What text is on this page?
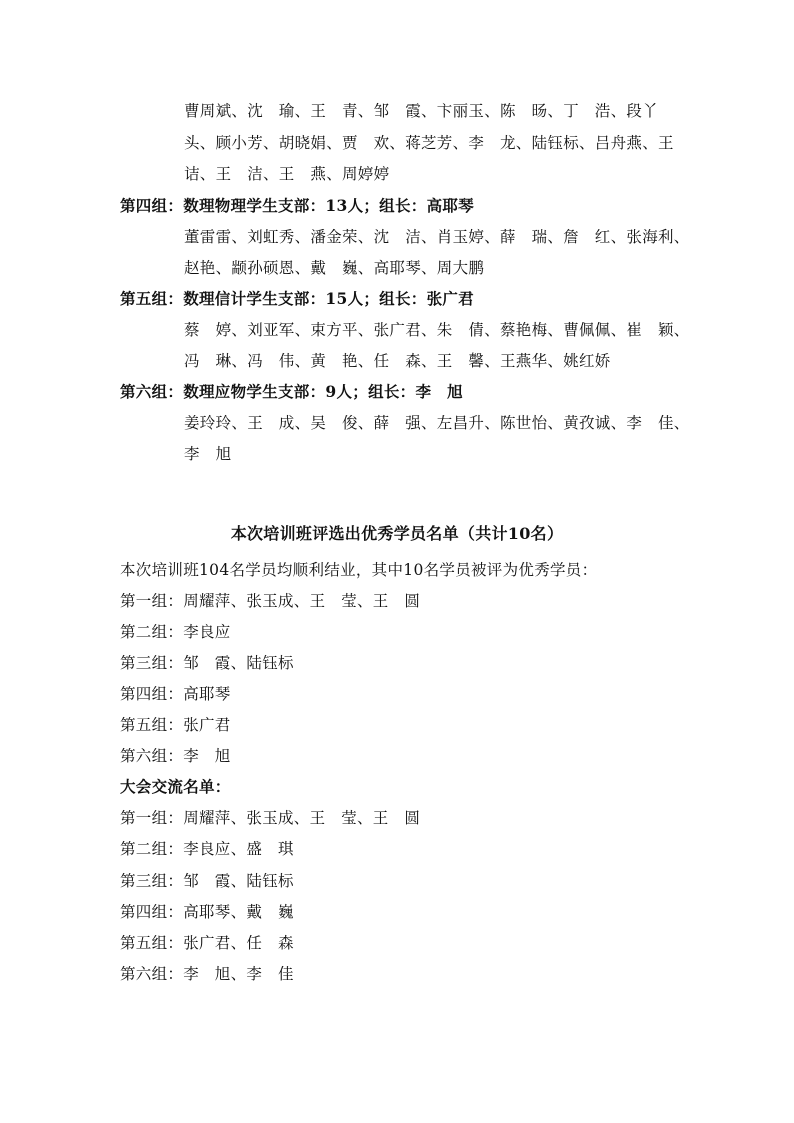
曹周斌、沈　瑜、王　青、邹　霞、卞丽玉、陈　旸、丁　浩、段丫
头、顾小芳、胡晓娟、贾　欢、蒋芝芳、李　龙、陆钰标、吕舟燕、王
诘、王　洁、王　燕、周婷婷
第四组：数理物理学生支部：13人；组长：高耶琴
董雷雷、刘虹秀、潘金荣、沈　洁、肖玉婷、薛　瑞、詹　红、张海利、
赵艳、颛孙硕恩、戴　巍、高耶琴、周大鹏
第五组：数理信计学生支部：15人；组长：张广君
蔡　婷、刘亚军、束方平、张广君、朱　倩、蔡艳梅、曹佩佩、崔　颖、
冯　琳、冯　伟、黄　艳、任　森、王　馨、王燕华、姚红娇
第六组：数理应物学生支部：9人；组长：李　旭
姜玲玲、王　成、吴　俊、薛　强、左昌升、陈世怡、黄孜诚、李　佳、
李　旭
本次培训班评选出优秀学员名单（共计10名）
本次培训班104名学员均顺利结业，其中10名学员被评为优秀学员：
第一组：周耀萍、张玉成、王　莹、王　圆
第二组：李良应
第三组：邹　霞、陆钰标
第四组：高耶琴
第五组：张广君
第六组：李　旭
大会交流名单：
第一组：周耀萍、张玉成、王　莹、王　圆
第二组：李良应、盛　琪
第三组：邹　霞、陆钰标
第四组：高耶琴、戴　巍
第五组：张广君、任　森
第六组：李　旭、李　佳
